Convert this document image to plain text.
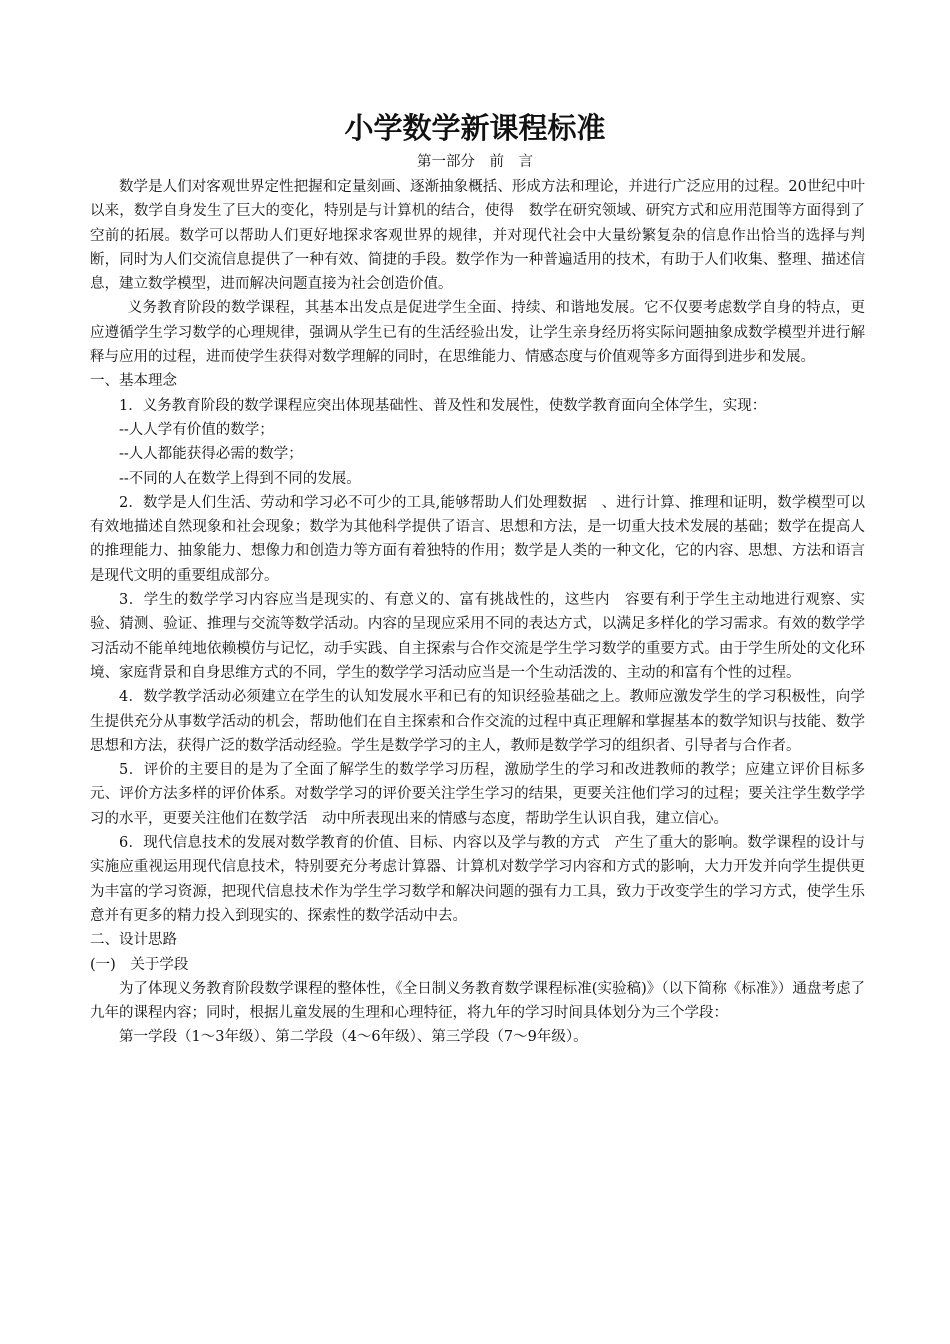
小学数学新课程标准
第一部分　前　言

数学是人们对客观世界定性把握和定量刻画、逐渐抽象概括、形成方法和理论，并进行广泛应用的过程。20世纪中叶以来，数学自身发生了巨大的变化，特别是与计算机的结合，使得　数学在研究领域、研究方式和应用范围等方面得到了空前的拓展。数学可以帮助人们更好地探求客观世界的规律，并对现代社会中大量纷繁复杂的信息作出恰当的选择与判断，同时为人们交流信息提供了一种有效、简捷的手段。数学作为一种普遍适用的技术，有助于人们收集、整理、描述信息，建立数学模型，进而解决问题直接为社会创造价值。

义务教育阶段的数学课程，其基本出发点是促进学生全面、持续、和谐地发展。它不仅要考虑数学自身的特点，更应遵循学生学习数学的心理规律，强调从学生已有的生活经验出发，让学生亲身经历将实际问题抽象成数学模型并进行解释与应用的过程，进而使学生获得对数学理解的同时，在思维能力、情感态度与价值观等多方面得到进步和发展。

一、基本理念

1．义务教育阶段的数学课程应突出体现基础性、普及性和发展性，使数学教育面向全体学生，实现：

--人人学有价值的数学；

--人人都能获得必需的数学；

--不同的人在数学上得到不同的发展。

2．数学是人们生活、劳动和学习必不可少的工具,能够帮助人们处理数据　、进行计算、推理和证明，数学模型可以有效地描述自然现象和社会现象；数学为其他科学提供了语言、思想和方法，是一切重大技术发展的基础；数学在提高人的推理能力、抽象能力、想像力和创造力等方面有着独特的作用；数学是人类的一种文化，它的内容、思想、方法和语言是现代文明的重要组成部分。

3．学生的数学学习内容应当是现实的、有意义的、富有挑战性的，这些内　容要有利于学生主动地进行观察、实验、猜测、验证、推理与交流等数学活动。内容的呈现应采用不同的表达方式，以满足多样化的学习需求。有效的数学学习活动不能单纯地依赖模仿与记忆，动手实践、自主探索与合作交流是学生学习数学的重要方式。由于学生所处的文化环境、家庭背景和自身思维方式的不同，学生的数学学习活动应当是一个生动活泼的、主动的和富有个性的过程。

4．数学教学活动必须建立在学生的认知发展水平和已有的知识经验基础之上。教师应激发学生的学习积极性，向学生提供充分从事数学活动的机会，帮助他们在自主探索和合作交流的过程中真正理解和掌握基本的数学知识与技能、数学思想和方法，获得广泛的数学活动经验。学生是数学学习的主人，教师是数学学习的组织者、引导者与合作者。

5．评价的主要目的是为了全面了解学生的数学学习历程，激励学生的学习和改进教师的教学；应建立评价目标多元、评价方法多样的评价体系。对数学学习的评价要关注学生学习的结果，更要关注他们学习的过程；要关注学生数学学习的水平，更要关注他们在数学活　动中所表现出来的情感与态度，帮助学生认识自我，建立信心。

6．现代信息技术的发展对数学教育的价值、目标、内容以及学与教的方式　产生了重大的影响。数学课程的设计与实施应重视运用现代信息技术，特别要充分考虑计算器、计算机对数学学习内容和方式的影响，大力开发并向学生提供更为丰富的学习资源，把现代信息技术作为学生学习数学和解决问题的强有力工具，致力于改变学生的学习方式，使学生乐意并有更多的精力投入到现实的、探索性的数学活动中去。

二、设计思路

(一)　关于学段

为了体现义务教育阶段数学课程的整体性，《全日制义务教育数学课程标准(实验稿)》（以下简称《标准》）通盘考虑了九年的课程内容；同时，根据儿童发展的生理和心理特征，将九年的学习时间具体划分为三个学段：

第一学段（1～3年级）、第二学段（4～6年级）、第三学段（7～9年级）。
